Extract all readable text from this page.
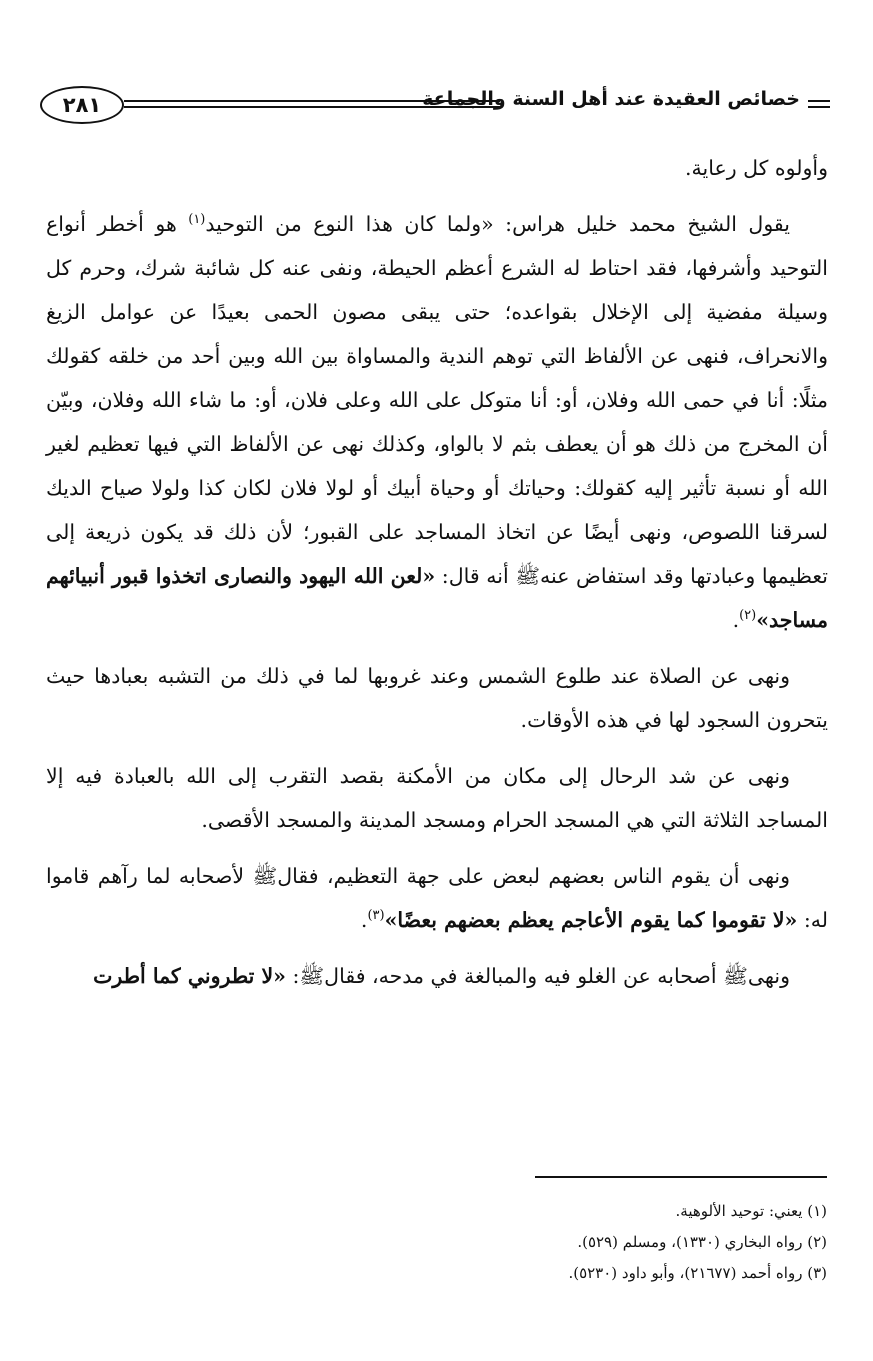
٢٨١	خصائص العقيدة عند أهل السنة والجماعة

وأولوه كل رعاية.

يقول الشيخ محمد خليل هراس: «ولما كان هذا النوع من التوحيد$^{(١)}$ هو أخطر أنواع التوحيد وأشرفها، فقد احتاط له الشرع أعظم الحيطة، ونفى عنه كل شائبة شرك، وحرم كل وسيلة مفضية إلى الإخلال بقواعده؛ حتى يبقى مصون الحمى بعيدًا عن عوامل الزيغ والانحراف، فنهى عن الألفاظ التي توهم الندية والمساواة بين الله وبين أحد من خلقه كقولك مثلًا: أنا في حمى الله وفلان، أو: أنا متوكل على الله وعلى فلان، أو: ما شاء الله وفلان، وبيّن أن المخرج من ذلك هو أن يعطف بثم لا بالواو، وكذلك نهى عن الألفاظ التي فيها تعظيم لغير الله أو نسبة تأثير إليه كقولك: وحياتك أو وحياة أبيك أو لولا فلان لكان كذا ولولا صياح الديك لسرقنا اللصوص، ونهى أيضًا عن اتخاذ المساجد على القبور؛ لأن ذلك قد يكون ذريعة إلى تعظيمها وعبادتها وقد استفاض عنهﷺ أنه قال: «لعن الله اليهود والنصارى اتخذوا قبور أنبيائهم مساجد»$^{(٢)}$.

ونهى عن الصلاة عند طلوع الشمس وعند غروبها لما في ذلك من التشبه بعبادها حيث يتحرون السجود لها في هذه الأوقات.

ونهى عن شد الرحال إلى مكان من الأمكنة بقصد التقرب إلى الله بالعبادة فيه إلا المساجد الثلاثة التي هي المسجد الحرام ومسجد المدينة والمسجد الأقصى.

ونهى أن يقوم الناس بعضهم لبعض على جهة التعظيم، فقالﷺ لأصحابه لما رآهم قاموا له: «لا تقوموا كما يقوم الأعاجم يعظم بعضهم بعضًا»$^{(٣)}$.

ونهىﷺ أصحابه عن الغلو فيه والمبالغة في مدحه، فقالﷺ: «لا تطروني كما أطرت

(١) يعني: توحيد الألوهية.
(٢) رواه البخاري (١٣٣٠)، ومسلم (٥٢٩).
(٣) رواه أحمد (٢١٦٧٧)، وأبو داود (٥٢٣٠).
